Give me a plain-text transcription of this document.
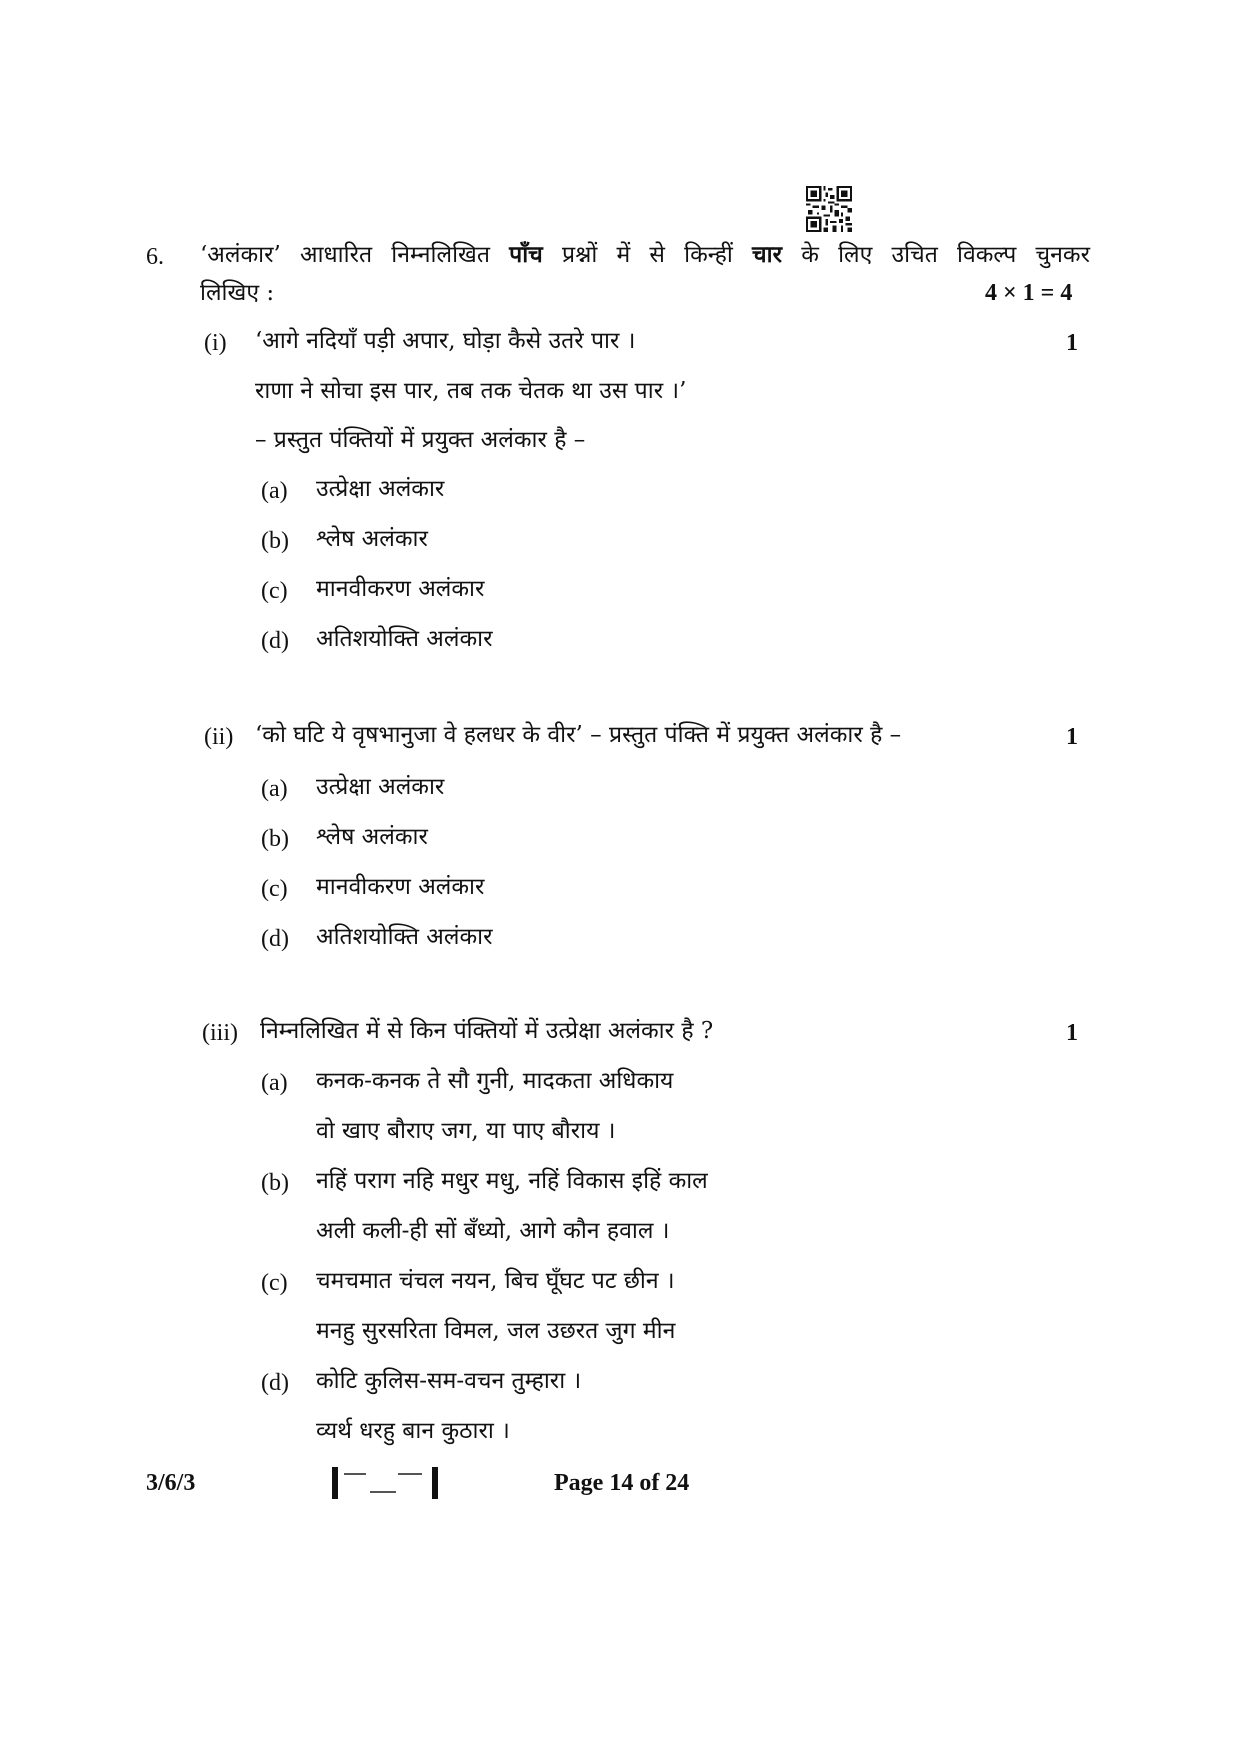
6. ‘अलंकार’ आधारित निम्नलिखित पाँच प्रश्नों में से किन्हीं चार के लिए उचित विकल्प चुनकर
लिखिए :	4 × 1 = 4
(i) ‘आगे नदियाँ पड़ी अपार, घोड़ा कैसे उतरे पार ।
राणा ने सोचा इस पार, तब तक चेतक था उस पार ।’
– प्रस्तुत पंक्तियों में प्रयुक्त अलंकार है –
1
(a) उत्प्रेक्षा अलंकार
(b) श्लेष अलंकार
(c) मानवीकरण अलंकार
(d) अतिशयोक्ति अलंकार
(ii) ‘को घटि ये वृषभानुजा वे हलधर के वीर’ – प्रस्तुत पंक्ति में प्रयुक्त अलंकार है –	1
(a) उत्प्रेक्षा अलंकार
(b) श्लेष अलंकार
(c) मानवीकरण अलंकार
(d) अतिशयोक्ति अलंकार
(iii) निम्नलिखित में से किन पंक्तियों में उत्प्रेक्षा अलंकार है ?	1
(a) कनक-कनक ते सौ गुनी, मादकता अधिकाय
वो खाए बौराए जग, या पाए बौराय ।
(b) नहिं पराग नहि मधुर मधु, नहिं विकास इहिं काल
अली कली-ही सों बँध्यो, आगे कौन हवाल ।
(c) चमचमात चंचल नयन, बिच घूँघट पट छीन ।
मनहु सुरसरिता विमल, जल उछरत जुग मीन
(d) कोटि कुलिस-सम-वचन तुम्हारा ।
व्यर्थ धरहु बान कुठारा ।
3/6/3	Page 14 of 24
